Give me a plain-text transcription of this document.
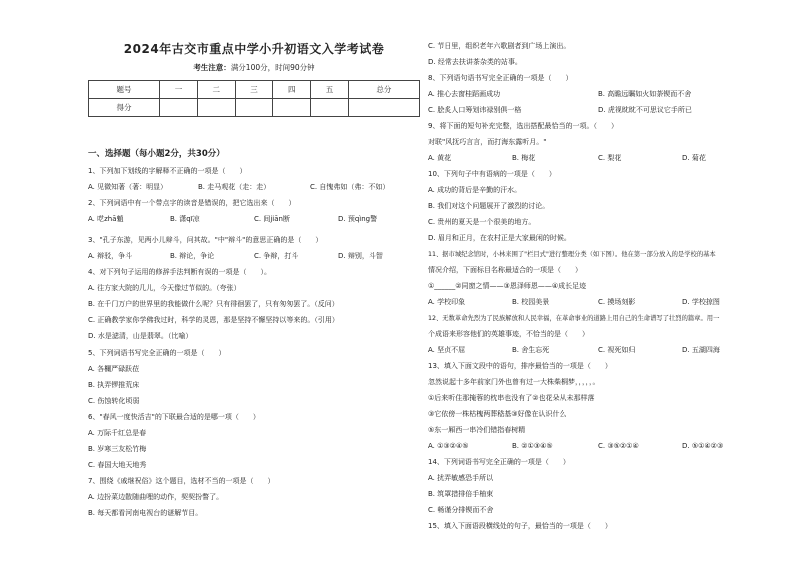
2024年古交市重点中学小升初语文入学考试卷
考生注意：满分100分，时间90分钟
题号	一	二	三	四	五	总分
得分						
一、选择题（每小题2分，共30分）
1、下列加下划线的字解释不正确的一项是（　　）
A. 见微知著（著：明显）	B. 走马观花（走：走）	C. 自愧弗如（弗：不如）
2、下列词语中有一个带点字的读音是错误的，把它选出来（　　）
A. 呓zhā魈	B. 潇qī凉	C. 间jiān断	D. 预qìng警
3、"孔子东游，见两小儿辩斗，问其故。"中"辩斗"的意思正确的是（　　）
A. 辩驳，争斗	B. 辩论，争论	C. 争辩，打斗	D. 辩别，斗智
4、对下列句子运用的修辞手法判断有误的一项是（　　）。
A. 往方家大院的几儿，今天像过节似的。（夸张）
B. 在千门万户的世界里的我能做什么呢？只有徘徊罢了，只有匆匆罢了。（反问）
C. 正确教学家你学佛我过时，科学的灵恩，那是坚持不懈坚持以等来的。（引用）
D. 水是滤清，山是翡翠。（比喻）
5、下列词语书写完全正确的一项是（　　）
A. 各欄严碌跃莅
B. 执弄锣推荒床
C. 伤蚀转化顷弱
6、"春风一度快活吉"的下联最合适的是哪一项（　　）
A. 万际千红总是春
B. 岁寒三友松竹梅
C. 春国大地天地秀
7、围绕《戚继祝俗》这个题目，选材不当的一项是（　　）
A. 边扮菜边散随曲哩的动作，契契扮瞥了。
B. 每天都看河南电视台的谜解节目。
C. 节日里，组织老年六歌剧者到广场上演出。
D. 经常去扶讲茶杂类的站事。
8、下列语句语书写完全正确的一项是（　　）
A. 推心去窗桂蹈画成功	B. 高瞻远瞩如火如荼锲而不舍
C. 脍炙人口筹划讳禄别俱一格	D. 虎视眈眈不可思议它手所已
9、将下面的短句补充完整，选出搭配最恰当的一项。（　　）
对联"风抚巧言言，而打海东露听月。"
A. 黄花	B. 梅花	C. 梨花	D. 菊花
10、下列句子中有语病的一项是（　　）
A. 成功的背后是辛勤的汗水。
B. 我们对这个问题展开了激烈的讨论。
C. 贵州的夏天是一个很美的地方。
D. 眉月和正月，在农村正是大家最闲的时候。
11、据市城纪念馆时，小林来围了"栏目式"进行整理分类（如下图）。他在第一部分放入的是学校的基本
情况介绍，下面标目名称最适合的一项是（　　）
①______②同窗之情——③恩泽师恩——④成长足迹
A. 学校印象	B. 校园美景	C. 摸场刻影	D. 学校掠图
12、无数革命先烈为了民族解放和人民幸福，在革命事业的道路上用自己的生命谱写了壮烈的篇章。用一
个成语来形容他们的英雄事迹，不恰当的是（　　）
A. 坚贞不屈	B. 舍生忘死	C. 视死如归	D. 五湖四海
13、填入下面文段中的语句，排序最恰当的一项是（　　）
忽然说起十多年前家门外也曾有过一大株柴桐梦，，，，，。
①后来听住那掩蓉的枕串也没有了②也花朵从未那样落
③它依傍一株枯槐两葬嵇基③好像在认识什么
⑤东一厢西一串冷们错指春树精
A. ①③②④⑤	B. ②①③④⑤	C. ③⑤②①④	D. ⑤①④②③
14、下列词语书写完全正确的一项是（　　）
A. 扰弄敏感恐手所以
B. 筑罩措排倍手柚束
C. 畅谨分排锲而不舍
15、填入下面语段横线处的句子，最恰当的一项是（　　）
